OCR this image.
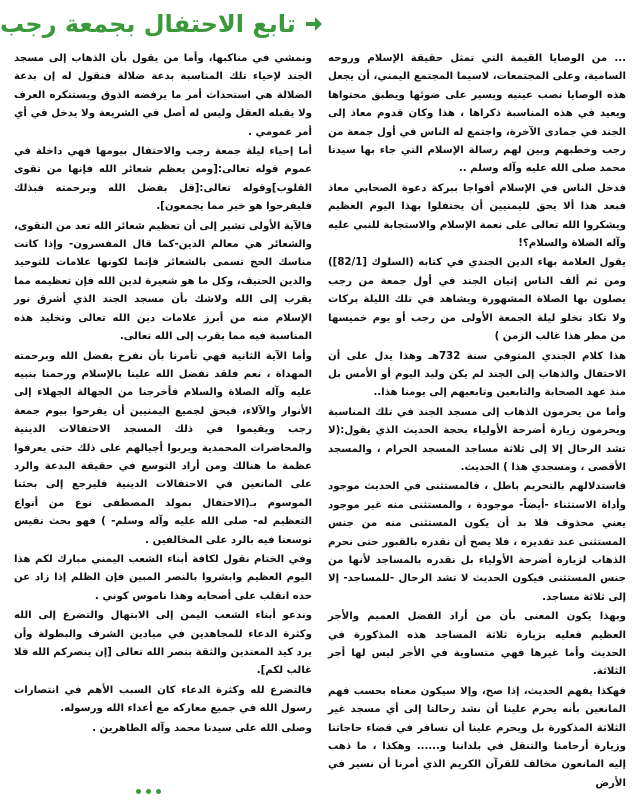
تابع الاحتفال بجمعة رجب

... من الوصايا القيمة التي تمثل حقيقة الإسلام وروحه السامية، وعلى المجتمعات، لاسيما المجتمع اليمني، أن يجعل هذه الوصايا نصب عينيه ويسير على ضوئها ويطبق محتواها ويعيد في هذه المناسبة ذكراها ، هذا وكان قدوم معاذ إلى الجند في جمادى الآخرة، واجتمع له الناس في أول جمعة من رجب وخطبهم وبين لهم رسالة الإسلام التي جاء بها سيدنا محمد صلى الله عليه وآله وسلم ..

فدخل الناس في الإسلام أفواجا ببركة دعوة الصحابي معاذ فبعد هذا ألا يحق لليمنيين أن يحتفلوا بهذا اليوم العظيم ويشكروا الله تعالى على نعمة الإسلام والاستجابة للنبي عليه وآله الصلاة والسلام؟!

يقول العلامة بهاء الدين الجندي في كتابه (السلوك [82/1]) ومن ثم ألف الناس إتيان الجند في أول جمعة من رجب يصلون بها الصلاة المشهورة ويشاهد في تلك الليلة بركات ولا تكاد تخلو ليلة الجمعة الأولى من رجب أو يوم خميسها من مطر هذا غالب الزمن )

هذا كلام الجندي المتوفي سنة 732هـ وهذا يدل على أن الاحتفال والذهاب إلى الجند لم يكن وليد اليوم أو الأمس بل منذ عهد الصحابة والتابعين وتابعيهم إلى يومنا هذا..

وأما من يحرمون الذهاب إلى مسجد الجند في تلك المناسبة ويحرمون زيارة أضرحة الأولياء بحجة الحديث الذي يقول:(لا تشد الرحال إلا إلى ثلاثة مساجد المسجد الحرام ، والمسجد الأقصى ، ومسجدي هذا ) الحديث.

فاستدلالهم بالتحريم باطل ، فالمستثنى في الحديث موجود وأداة الاستثناء -أيضاً- موجودة ، والمستثنى منه غير موجود يعني محذوف فلا بد أن يكون المستثنى منه من جنس المستثنى عند تقديره ، فلا يصح أن نقدره بالقبور حتى نحرم الذهاب لزيارة أضرحة الأولياء بل نقدره بالمساجد لأنها من جنس المستثنى فيكون الحديث لا تشد الرحال -للمساجد- إلا إلى ثلاثة مساجد.

وبهذا يكون المعنى بأن من أراد الفضل العميم والأجر العظيم فعليه بزيارة ثلاثة المساجد هذه المذكورة في الحديث وأما غيرها فهي متساوية في الأجر ليس لها أجر الثلاثة.

فهكذا يفهم الحديث، إذا صح، وإلا سيكون معناه بحسب فهم المانعين بأنه يحرم علينا أن نشد رحالنا إلى أي مسجد غير الثلاثة المذكورة بل ويحرم علينا أن نسافر في قضاء حاجاتنا وزيارة أرحامنا والتنقل في بلداننا و...... وهكذا ، ما ذهب إليه المانعون مخالف للقرآن الكريم الذي أمرنا أن نسير في الأرض

ونمشي في مناكبها، وأما من يقول بأن الذهاب إلى مسجد الجند لإحياء تلك المناسبة بدعة ضلالة فنقول له إن بدعة الضلالة هي استحداث أمر ما يرفضه الذوق ويستنكره العرف ولا يقبله العقل وليس له أصل في الشريعة ولا يدخل في أي أمر عمومي .

أما إحياء ليلة جمعة رجب والاحتفال بيومها فهي داخلة في عموم قوله تعالى:[ومن يعظم شعائر الله فإنها من تقوى القلوب]وقوله تعالى:[قل بفضل الله وبرحمته فبذلك فليفرحوا هو خير مما يجمعون].

فالآية الأولى تشير إلى أن تعظيم شعائر الله تعد من التقوى، والشعائر هي معالم الدين-كما قال المفسرون- وإذا كانت مناسك الحج تسمى بالشعائر فإنما لكونها علامات للتوحيد والدين الحنيف، وكل ما هو شعيرة لدين الله فإن تعظيمه مما يقرب إلى الله ولاشك بأن مسجد الجند الذي أشرق نور الإسلام منه من أبرز علامات دين الله تعالى وتخليد هذه المناسبة فيه مما يقرب إلى الله تعالى.

وأما الآية الثانية فهي تأمرنا بأن نفرح بفضل الله وبرحمته المهداة ، نعم فلقد تفضل الله علينا بالإسلام ورحمنا بنبيه عليه وآله الصلاة والسلام فأخرجنا من الجهالة الجهلاء إلى الأنوار والآلاء، فيحق لجميع اليمنيين أن يفرحوا بيوم جمعة رجب ويقيموا في ذلك المسجد الاحتفالات الدينية والمحاضرات المحمدية ويربوا أجيالهم على ذلك حتى يعرفوا عظمة ما هنالك ومن أراد التوسع في حقيقة البدعة والرد على المانعين في الاحتفالات الدينية فليرجع إلى بحثنا الموسوم بـ(الاحتفال بمولد المصطفى نوع من أنواع التعظيم له- صلى الله عليه وآله وسلم- ) فهو بحث نفيس توسعنا فيه بالرد على المخالفين .

وفي الختام نقول لكافة أبناء الشعب اليمني مبارك لكم هذا اليوم العظيم وابشروا بالنصر المبين فإن الظلم إذا زاد عن حده انقلب على أصحابه وهذا ناموس كوني .

وندعو أبناء الشعب اليمن إلى الابتهال والتضرع إلى الله وكثرة الدعاء للمجاهدين في ميادين الشرف والبطولة وأن يرد كيد المعتدين والثقة بنصر الله تعالى [إن ينصركم الله فلا غالب لكم].

فالتضرع لله وكثرة الدعاء كان السبب الأهم في انتصارات رسول الله في جميع معاركه مع أعداء الله ورسوله.

وصلى الله على سيدنا محمد وآله الطاهرين .
